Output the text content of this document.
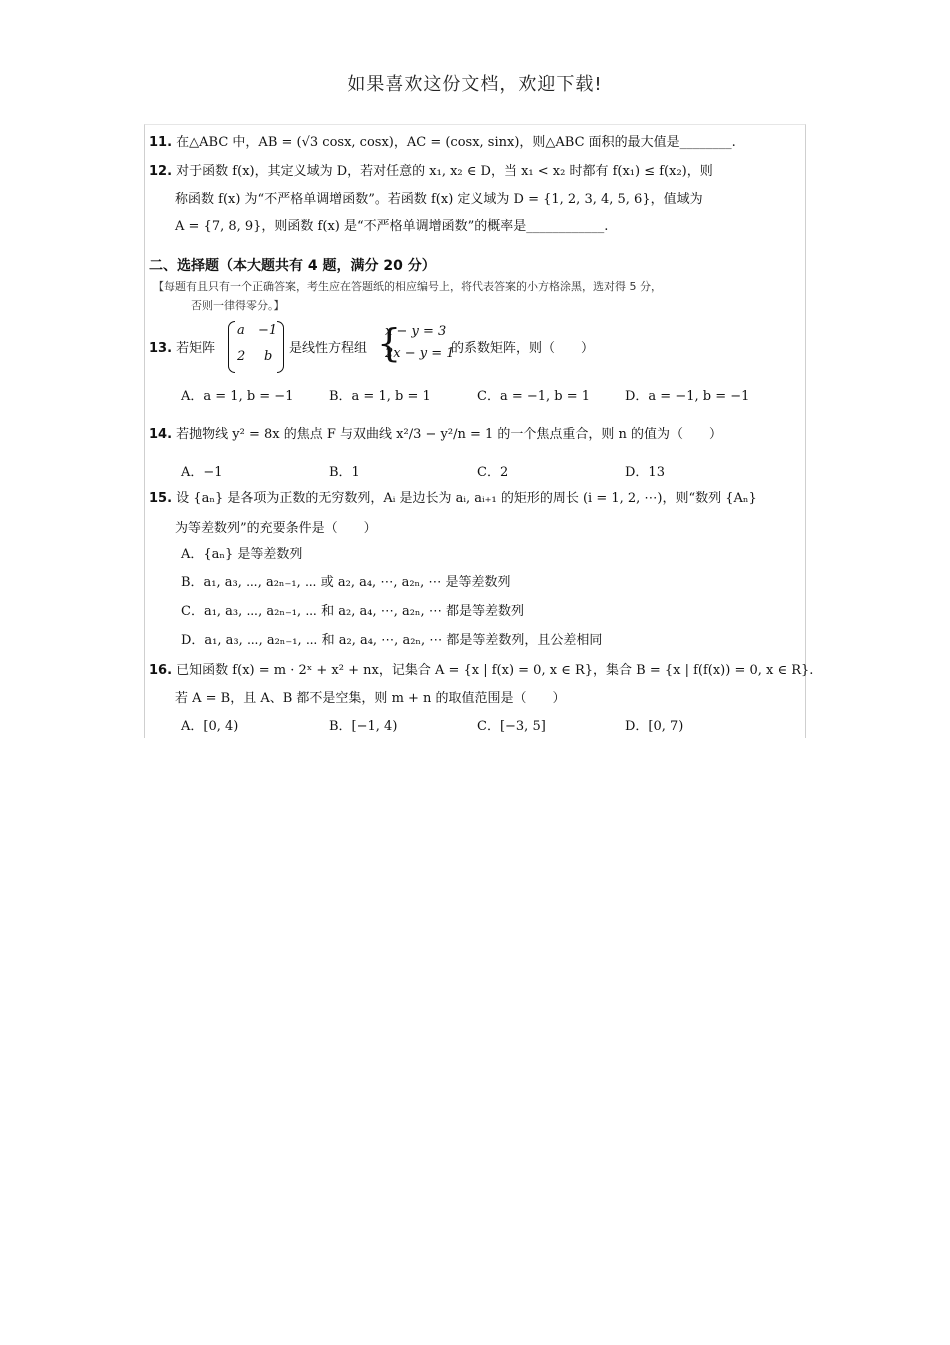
如果喜欢这份文档，欢迎下载!
11. 在△ABC 中，AB = (√3 cosx, cosx)，AC = (cosx, sinx)，则△ABC 面积的最大值是________.
12. 对于函数 f(x)，其定义域为 D，若对任意的 x₁, x₂ ∈ D，当 x₁ < x₂ 时都有 f(x₁) ≤ f(x₂)，则
称函数 f(x) 为“不严格单调增函数”。若函数 f(x) 定义域为 D = {1, 2, 3, 4, 5, 6}，值域为
A = {7, 8, 9}，则函数 f(x) 是“不严格单调增函数”的概率是____________.
二、选择题（本大题共有 4 题，满分 20 分）
【每题有且只有一个正确答案，考生应在答题纸的相应编号上，将代表答案的小方格涂黑，选对得 5 分，
否则一律得零分。】
13. 若矩阵
a −1
2 b
是线性方程组 {
x − y = 3
2x − y = 1
的系数矩阵，则（　　）
A．a = 1, b = −1	B．a = 1, b = 1	C．a = −1, b = 1	D．a = −1, b = −1
14. 若抛物线 y² = 8x 的焦点 F 与双曲线 x²/3 − y²/n = 1 的一个焦点重合，则 n 的值为（　　）
A．−1	B．1	C．2	D．13
15. 设 {aₙ} 是各项为正数的无穷数列，Aᵢ 是边长为 aᵢ, aᵢ₊₁ 的矩形的周长 (i = 1, 2, ⋯)，则“数列 {Aₙ}
为等差数列”的充要条件是（　　）
A．{aₙ} 是等差数列
B．a₁, a₃, ⋯, a₂ₙ₋₁, ⋯ 或 a₂, a₄, ⋯, a₂ₙ, ⋯ 是等差数列
C．a₁, a₃, ⋯, a₂ₙ₋₁, ⋯ 和 a₂, a₄, ⋯, a₂ₙ, ⋯ 都是等差数列
D．a₁, a₃, ⋯, a₂ₙ₋₁, ⋯ 和 a₂, a₄, ⋯, a₂ₙ, ⋯ 都是等差数列，且公差相同
16. 已知函数 f(x) = m · 2ˣ + x² + nx，记集合 A = {x | f(x) = 0, x ∈ R}，集合 B = {x | f(f(x)) = 0, x ∈ R}.
若 A = B，且 A、B 都不是空集，则 m + n 的取值范围是（　　）
A．[0, 4)	B．[−1, 4)	C．[−3, 5]	D．[0, 7)
